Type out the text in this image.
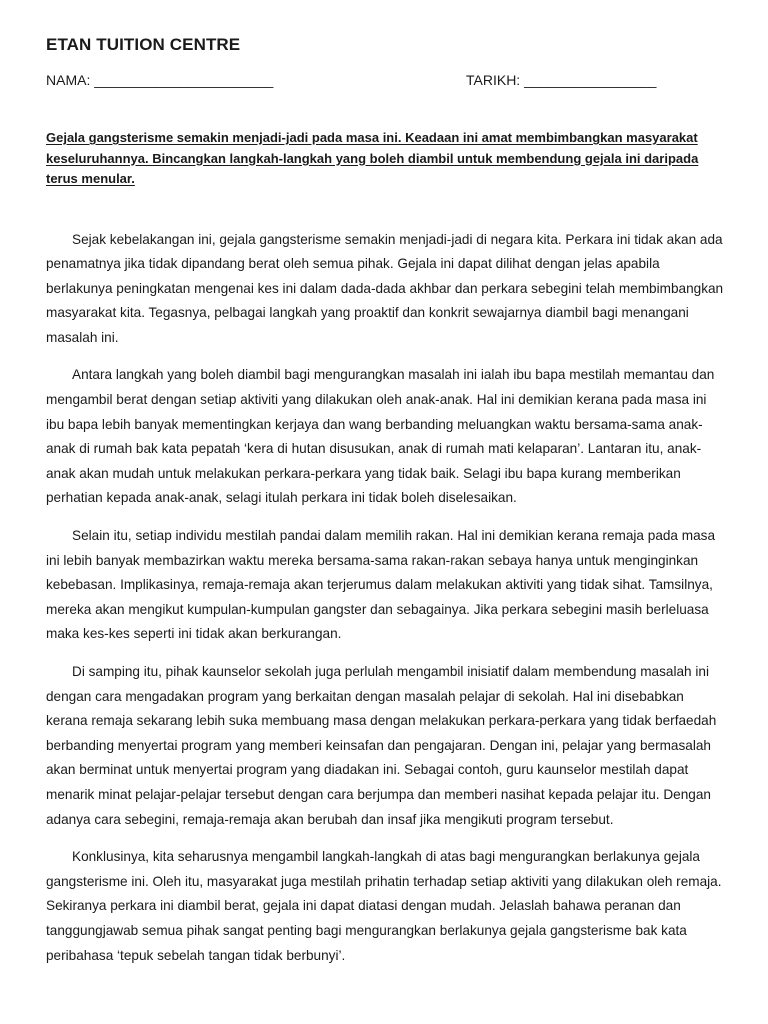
ETAN TUITION CENTRE
NAMA: _______________________	TARIKH: _________________
Gejala gangsterisme semakin menjadi-jadi pada masa ini. Keadaan ini amat membimbangkan masyarakat keseluruhannya. Bincangkan langkah-langkah yang boleh diambil untuk membendung gejala ini daripada terus menular.

Sejak kebelakangan ini, gejala gangsterisme semakin menjadi-jadi di negara kita. Perkara ini tidak akan ada penamatnya jika tidak dipandang berat oleh semua pihak. Gejala ini dapat dilihat dengan jelas apabila berlakunya peningkatan mengenai kes ini dalam dada-dada akhbar dan perkara sebegini telah membimbangkan masyarakat kita. Tegasnya, pelbagai langkah yang proaktif dan konkrit sewajarnya diambil bagi menangani masalah ini.

Antara langkah yang boleh diambil bagi mengurangkan masalah ini ialah ibu bapa mestilah memantau dan mengambil berat dengan setiap aktiviti yang dilakukan oleh anak-anak. Hal ini demikian kerana pada masa ini ibu bapa lebih banyak mementingkan kerjaya dan wang berbanding meluangkan waktu bersama-sama anak-anak di rumah bak kata pepatah ‘kera di hutan disusukan, anak di rumah mati kelaparan’. Lantaran itu, anak-anak akan mudah untuk melakukan perkara-perkara yang tidak baik. Selagi ibu bapa kurang memberikan perhatian kepada anak-anak, selagi itulah perkara ini tidak boleh diselesaikan.

Selain itu, setiap individu mestilah pandai dalam memilih rakan. Hal ini demikian kerana remaja pada masa ini lebih banyak membazirkan waktu mereka bersama-sama rakan-rakan sebaya hanya untuk menginginkan kebebasan. Implikasinya, remaja-remaja akan terjerumus dalam melakukan aktiviti yang tidak sihat. Tamsilnya, mereka akan mengikut kumpulan-kumpulan gangster dan sebagainya. Jika perkara sebegini masih berleluasa maka kes-kes seperti ini tidak akan berkurangan.

Di samping itu, pihak kaunselor sekolah juga perlulah mengambil inisiatif dalam membendung masalah ini dengan cara mengadakan program yang berkaitan dengan masalah pelajar di sekolah. Hal ini disebabkan kerana remaja sekarang lebih suka membuang masa dengan melakukan perkara-perkara yang tidak berfaedah berbanding menyertai program yang memberi keinsafan dan pengajaran. Dengan ini, pelajar yang bermasalah akan berminat untuk menyertai program yang diadakan ini. Sebagai contoh, guru kaunselor mestilah dapat menarik minat pelajar-pelajar tersebut dengan cara berjumpa dan memberi nasihat kepada pelajar itu. Dengan adanya cara sebegini, remaja-remaja akan berubah dan insaf jika mengikuti program tersebut.

Konklusinya, kita seharusnya mengambil langkah-langkah di atas bagi mengurangkan berlakunya gejala gangsterisme ini. Oleh itu, masyarakat juga mestilah prihatin terhadap setiap aktiviti yang dilakukan oleh remaja. Sekiranya perkara ini diambil berat, gejala ini dapat diatasi dengan mudah. Jelaslah bahawa peranan dan tanggungjawab semua pihak sangat penting bagi mengurangkan berlakunya gejala gangsterisme bak kata peribahasa ‘tepuk sebelah tangan tidak berbunyi’.
